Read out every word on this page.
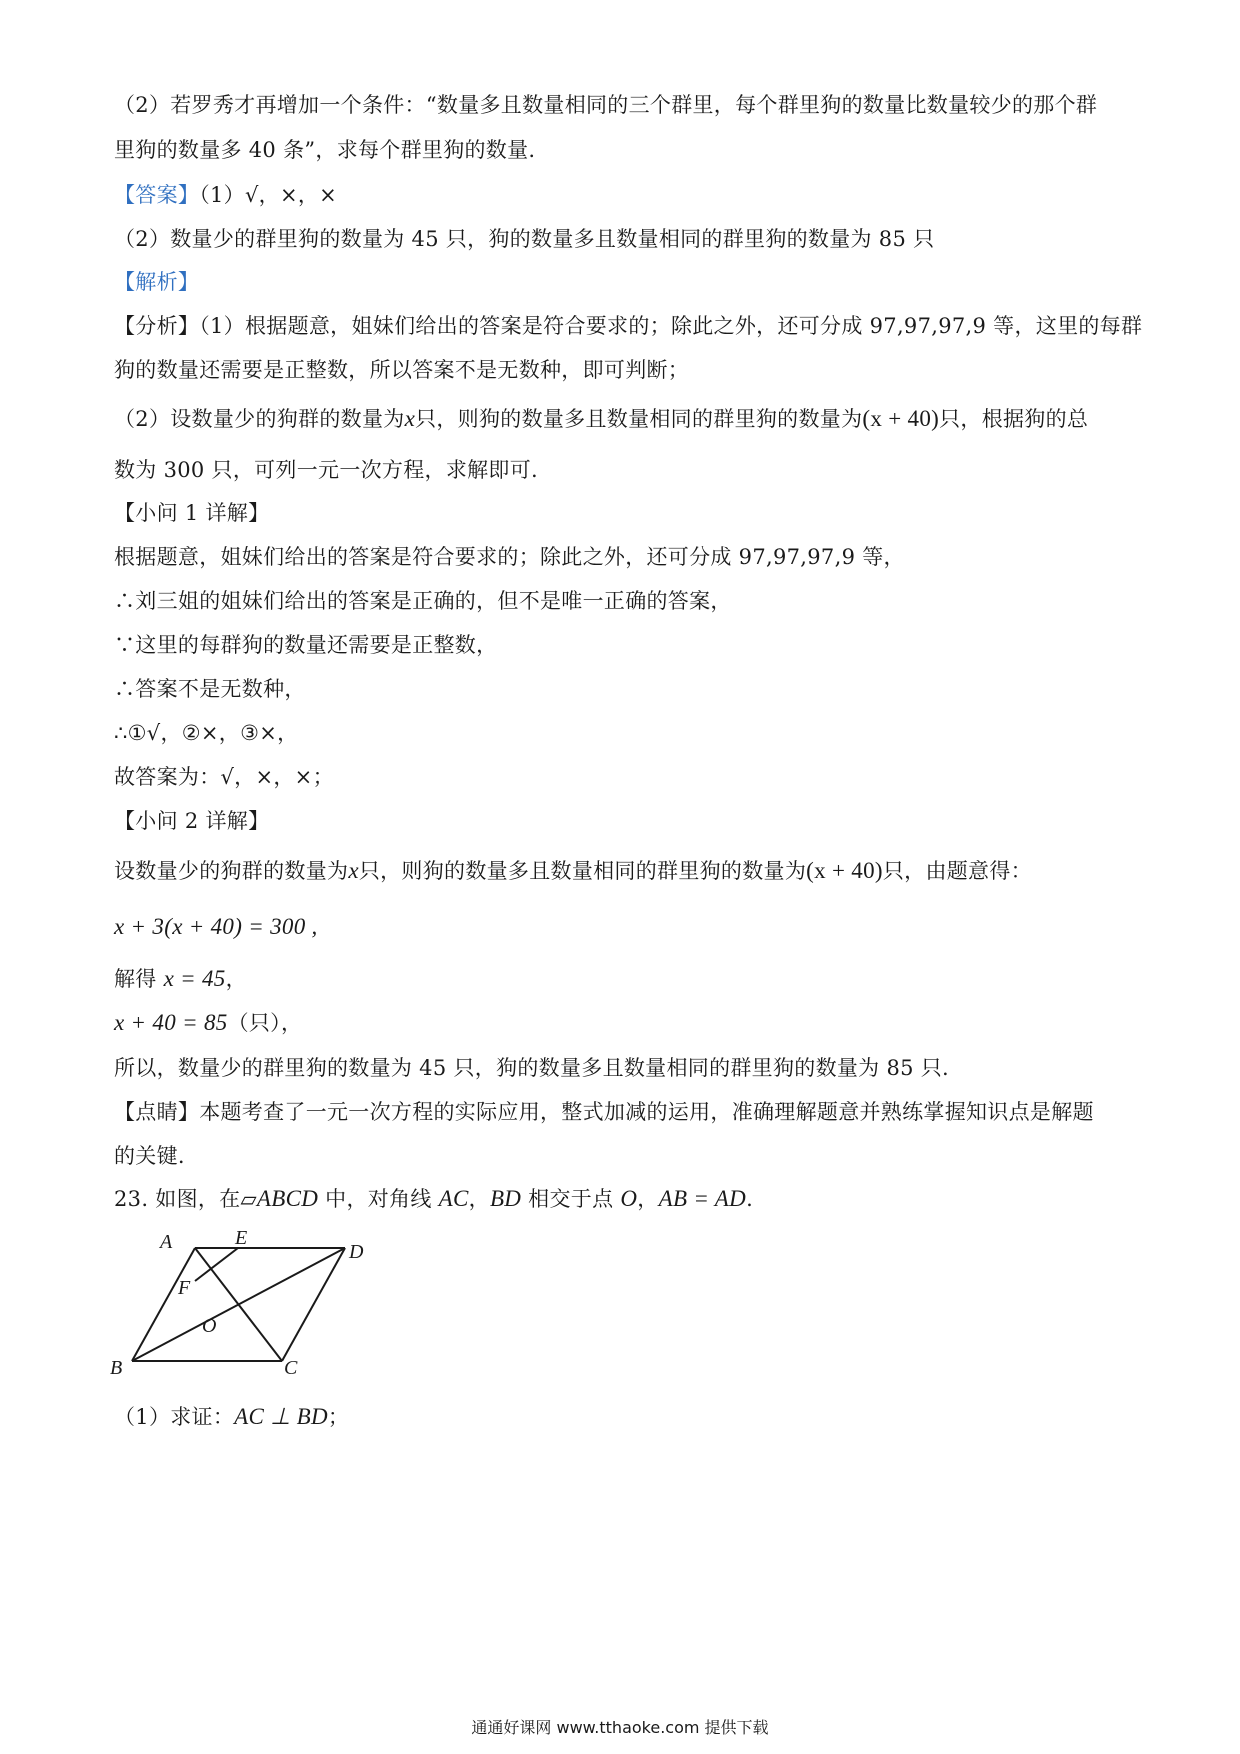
（2）若罗秀才再增加一个条件：“数量多且数量相同的三个群里，每个群里狗的数量比数量较少的那个群
里狗的数量多 40 条”，求每个群里狗的数量.
【答案】（1）√，×，×
（2）数量少的群里狗的数量为 45 只，狗的数量多且数量相同的群里狗的数量为 85 只
【解析】
【分析】（1）根据题意，姐妹们给出的答案是符合要求的；除此之外，还可分成 97,97,97,9 等，这里的每群
狗的数量还需要是正整数，所以答案不是无数种，即可判断；
（2）设数量少的狗群的数量为x只，则狗的数量多且数量相同的群里狗的数量为(x + 40)只，根据狗的总
数为 300 只，可列一元一次方程，求解即可.
【小问 1 详解】
根据题意，姐妹们给出的答案是符合要求的；除此之外，还可分成 97,97,97,9 等，
∴刘三姐的姐妹们给出的答案是正确的，但不是唯一正确的答案，
∵这里的每群狗的数量还需要是正整数，
∴答案不是无数种，
∴①√，②×，③×，
故答案为：√，×，×；
【小问 2 详解】
设数量少的狗群的数量为x只，则狗的数量多且数量相同的群里狗的数量为(x + 40)只，由题意得：
x + 3(x + 40) = 300 ,
解得 x = 45，
x + 40 = 85（只），
所以，数量少的群里狗的数量为 45 只，狗的数量多且数量相同的群里狗的数量为 85 只.
【点睛】本题考查了一元一次方程的实际应用，整式加减的运用，准确理解题意并熟练掌握知识点是解题
的关键.
23. 如图，在▱ABCD 中，对角线 AC，BD 相交于点 O，AB = AD.
A	E
D
F
O
B	C
（1）求证：AC ⊥ BD；
通通好课网 www.tthaoke.com 提供下载
